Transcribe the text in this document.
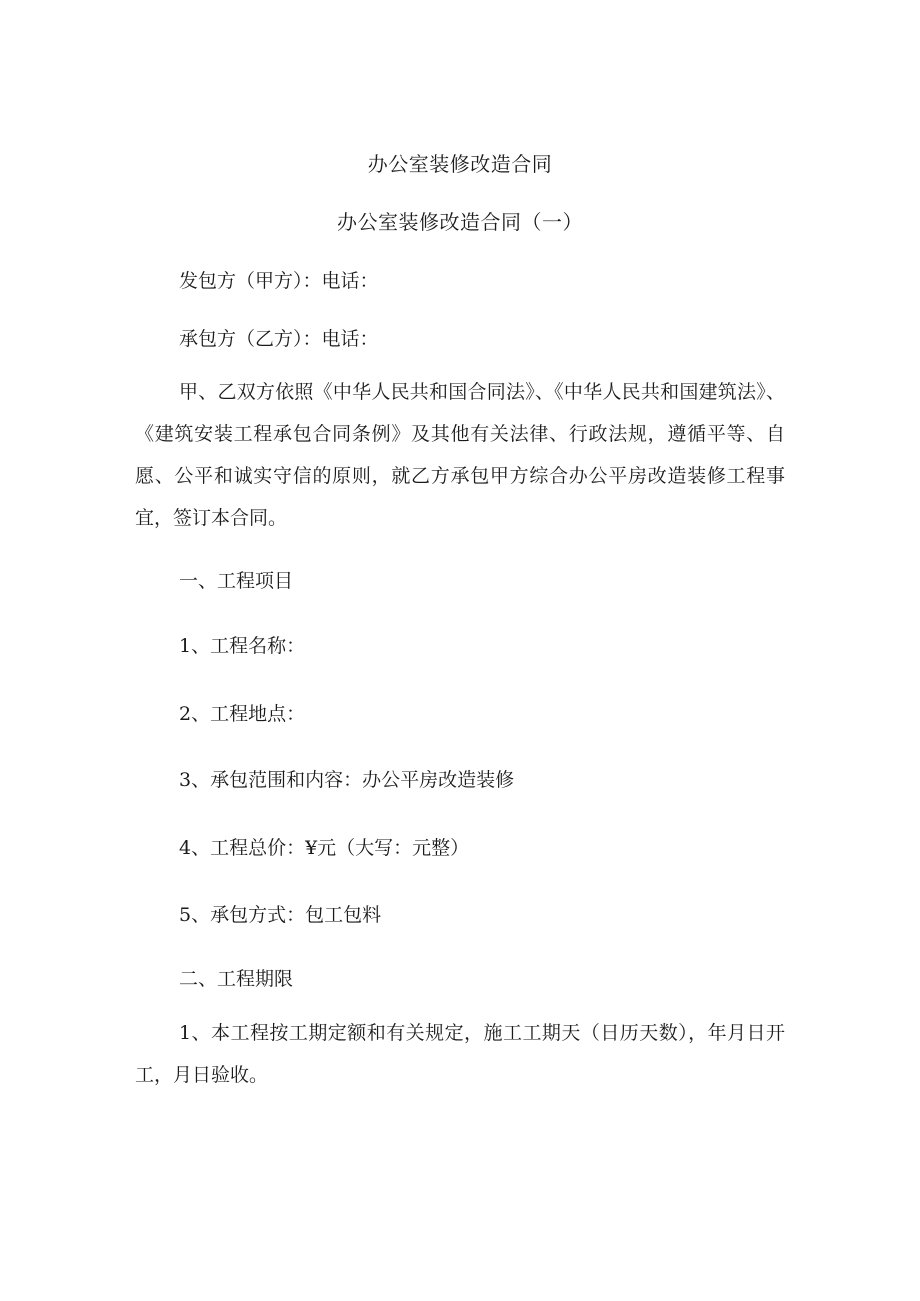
办公室装修改造合同
办公室装修改造合同（一）

发包方（甲方）：电话：

承包方（乙方）：电话：

甲、乙双方依照《中华人民共和国合同法》、《中华人民共和国建筑法》、《建筑安装工程承包合同条例》及其他有关法律、行政法规，遵循平等、自愿、公平和诚实守信的原则，就乙方承包甲方综合办公平房改造装修工程事宜，签订本合同。

一、工程项目

1、工程名称：

2、工程地点：

3、承包范围和内容：办公平房改造装修

4、工程总价：¥元（大写：元整）

5、承包方式：包工包料

二、工程期限

1、本工程按工期定额和有关规定，施工工期天（日历天数），年月日开工，月日验收。
